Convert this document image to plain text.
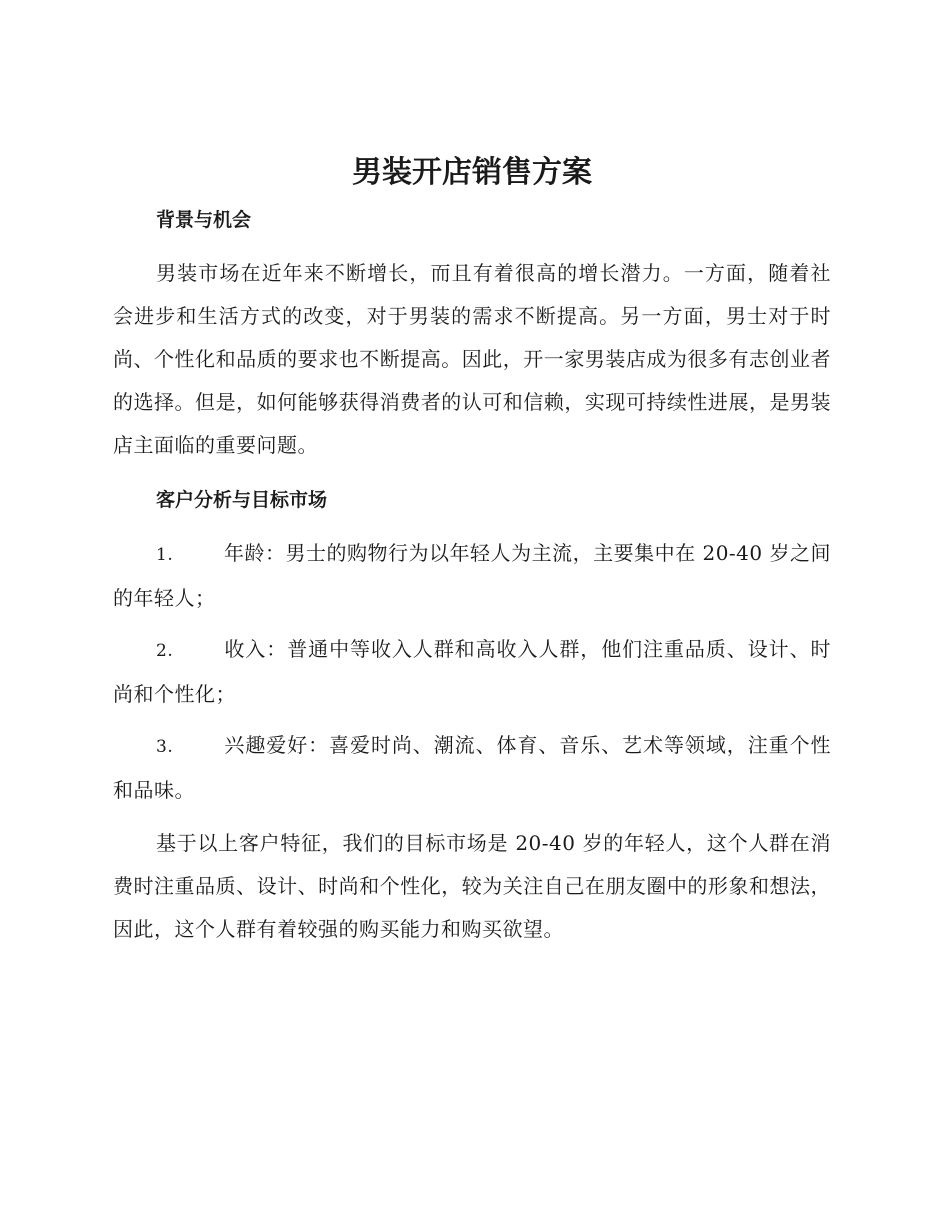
男装开店销售方案
背景与机会

男装市场在近年来不断增长，而且有着很高的增长潜力。一方面，随着社会进步和生活方式的改变，对于男装的需求不断提高。另一方面，男士对于时尚、个性化和品质的要求也不断提高。因此，开一家男装店成为很多有志创业者的选择。但是，如何能够获得消费者的认可和信赖，实现可持续性进展，是男装店主面临的重要问题。

客户分析与目标市场

1.	年龄：男士的购物行为以年轻人为主流，主要集中在 20-40 岁之间的年轻人；

2.	收入：普通中等收入人群和高收入人群，他们注重品质、设计、时尚和个性化；

3.	兴趣爱好：喜爱时尚、潮流、体育、音乐、艺术等领域，注重个性和品味。

基于以上客户特征，我们的目标市场是 20-40 岁的年轻人，这个人群在消费时注重品质、设计、时尚和个性化，较为关注自己在朋友圈中的形象和想法，因此，这个人群有着较强的购买能力和购买欲望。
